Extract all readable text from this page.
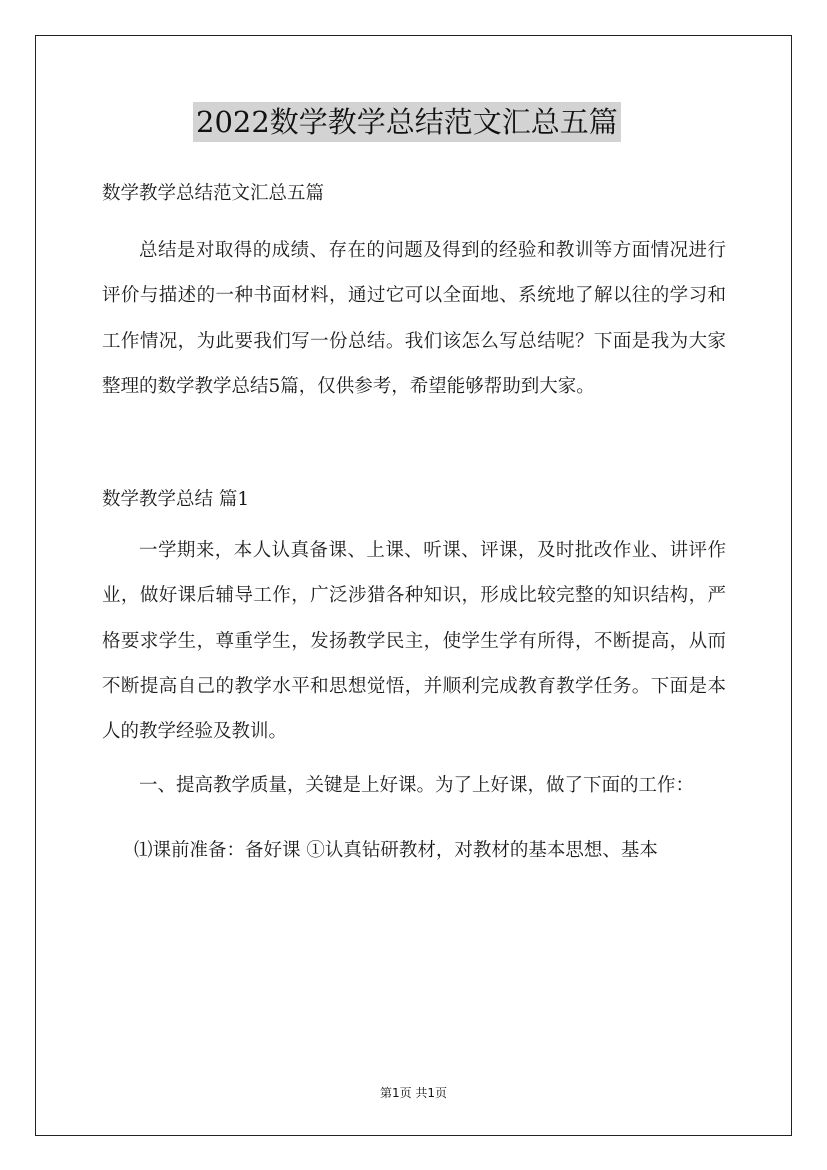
2022数学教学总结范文汇总五篇
数学教学总结范文汇总五篇

总结是对取得的成绩、存在的问题及得到的经验和教训等方面情况进行评价与描述的一种书面材料，通过它可以全面地、系统地了解以往的学习和工作情况，为此要我们写一份总结。我们该怎么写总结呢？下面是我为大家整理的数学教学总结5篇，仅供参考，希望能够帮助到大家。

数学教学总结 篇1

一学期来，本人认真备课、上课、听课、评课，及时批改作业、讲评作业，做好课后辅导工作，广泛涉猎各种知识，形成比较完整的知识结构，严格要求学生，尊重学生，发扬教学民主，使学生学有所得，不断提高，从而不断提高自己的教学水平和思想觉悟，并顺利完成教育教学任务。下面是本人的教学经验及教训。

一、提高教学质量，关键是上好课。为了上好课，做了下面的工作：

⑴课前准备：备好课 ①认真钻研教材，对教材的基本思想、基本
第1页 共1页
